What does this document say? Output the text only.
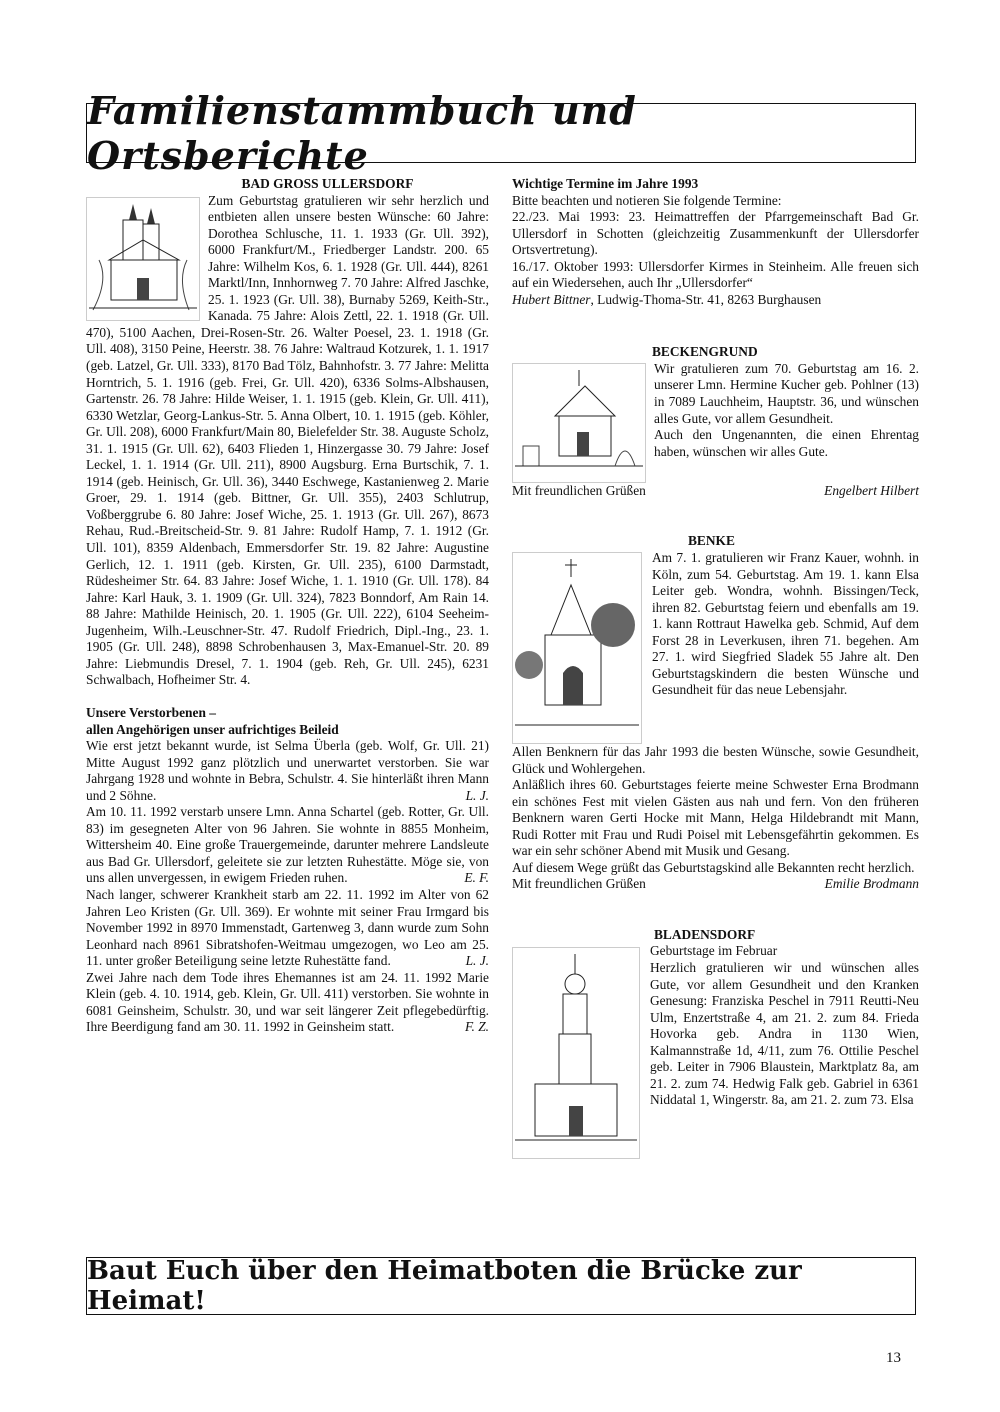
Familienstammbuch und Ortsberichte

BAD GROSS ULLERSDORF

Zum Geburtstag gratulieren wir sehr herzlich und entbieten allen unsere besten Wünsche: 60 Jahre: Dorothea Schlusche, 11. 1. 1933 (Gr. Ull. 392), 6000 Frankfurt/M., Friedberger Landstr. 200. 65 Jahre: Wilhelm Kos, 6. 1. 1928 (Gr. Ull. 444), 8261 Marktl/Inn, Innhornweg 7. 70 Jahre: Alfred Jaschke, 25. 1. 1923 (Gr. Ull. 38), Burnaby 5269, Keith-Str., Kanada. 75 Jahre: Alois Zettl, 22. 1. 1918 (Gr. Ull. 470), 5100 Aachen, Drei-Rosen-Str. 26. Walter Poesel, 23. 1. 1918 (Gr. Ull. 408), 3150 Peine, Heerstr. 38. 76 Jahre: Waltraud Kotzurek, 1. 1. 1917 (geb. Latzel, Gr. Ull. 333), 8170 Bad Tölz, Bahnhofstr. 3. 77 Jahre: Melitta Horntrich, 5. 1. 1916 (geb. Frei, Gr. Ull. 420), 6336 Solms-Albshausen, Gartenstr. 26. 78 Jahre: Hilde Weiser, 1. 1. 1915 (geb. Klein, Gr. Ull. 411), 6330 Wetzlar, Georg-Lankus-Str. 5. Anna Olbert, 10. 1. 1915 (geb. Köhler, Gr. Ull. 208), 6000 Frankfurt/Main 80, Bielefelder Str. 38. Auguste Scholz, 31. 1. 1915 (Gr. Ull. 62), 6403 Flieden 1, Hinzergasse 30. 79 Jahre: Josef Leckel, 1. 1. 1914 (Gr. Ull. 211), 8900 Augsburg. Erna Burtschik, 7. 1. 1914 (geb. Heinisch, Gr. Ull. 36), 3440 Eschwege, Kastanienweg 2. Marie Groer, 29. 1. 1914 (geb. Bittner, Gr. Ull. 355), 2403 Schlutrup, Voßberggrube 6. 80 Jahre: Josef Wiche, 25. 1. 1913 (Gr. Ull. 267), 8673 Rehau, Rud.-Breitscheid-Str. 9. 81 Jahre: Rudolf Hamp, 7. 1. 1912 (Gr. Ull. 101), 8359 Aldenbach, Emmersdorfer Str. 19. 82 Jahre: Augustine Gerlich, 12. 1. 1911 (geb. Kirsten, Gr. Ull. 235), 6100 Darmstadt, Rüdesheimer Str. 64. 83 Jahre: Josef Wiche, 1. 1. 1910 (Gr. Ull. 178). 84 Jahre: Karl Hauk, 3. 1. 1909 (Gr. Ull. 324), 7823 Bonndorf, Am Rain 14. 88 Jahre: Mathilde Heinisch, 20. 1. 1905 (Gr. Ull. 222), 6104 Seeheim-Jugenheim, Wilh.-Leuschner-Str. 47. Rudolf Friedrich, Dipl.-Ing., 23. 1. 1905 (Gr. Ull. 248), 8898 Schrobenhausen 3, Max-Emanuel-Str. 20. 89 Jahre: Liebmundis Dresel, 7. 1. 1904 (geb. Reh, Gr. Ull. 245), 6231 Schwalbach, Hofheimer Str. 4.

Unsere Verstorbenen –

allen Angehörigen unser aufrichtiges Beileid

Wie erst jetzt bekannt wurde, ist Selma Überla (geb. Wolf, Gr. Ull. 21) Mitte August 1992 ganz plötzlich und unerwartet verstorben. Sie war Jahrgang 1928 und wohnte in Bebra, Schulstr. 4. Sie hinterläßt ihren Mann und 2 Söhne.	L. J.

Am 10. 11. 1992 verstarb unsere Lmn. Anna Schartel (geb. Rotter, Gr. Ull. 83) im gesegneten Alter von 96 Jahren. Sie wohnte in 8855 Monheim, Wittersheim 40. Eine große Trauergemeinde, darunter mehrere Landsleute aus Bad Gr. Ullersdorf, geleitete sie zur letzten Ruhestätte. Möge sie, von uns allen unvergessen, in ewigem Frieden ruhen.	E. F.

Nach langer, schwerer Krankheit starb am 22. 11. 1992 im Alter von 62 Jahren Leo Kristen (Gr. Ull. 369). Er wohnte mit seiner Frau Irmgard bis November 1992 in 8970 Immenstadt, Gartenweg 3, dann wurde zum Sohn Leonhard nach 8961 Sibratshofen-Weitmau umgezogen, wo Leo am 25. 11. unter großer Beteiligung seine letzte Ruhestätte fand.	L. J.

Zwei Jahre nach dem Tode ihres Ehemannes ist am 24. 11. 1992 Marie Klein (geb. 4. 10. 1914, geb. Klein, Gr. Ull. 411) verstorben. Sie wohnte in 6081 Geinsheim, Schulstr. 30, und war seit längerer Zeit pflegebedürftig. Ihre Beerdigung fand am 30. 11. 1992 in Geinsheim statt.	F. Z.

Wichtige Termine im Jahre 1993

Bitte beachten und notieren Sie folgende Termine:

22./23. Mai 1993: 23. Heimattreffen der Pfarrgemeinschaft Bad Gr. Ullersdorf in Schotten (gleichzeitig Zusammenkunft der Ullersdorfer Ortsvertretung).

16./17. Oktober 1993: Ullersdorfer Kirmes in Steinheim. Alle freuen sich auf ein Wiedersehen, auch Ihr „Ullersdorfer“

Hubert Bittner, Ludwig-Thoma-Str. 41, 8263 Burghausen

BECKENGRUND

Wir gratulieren zum 70. Geburtstag am 16. 2. unserer Lmn. Hermine Kucher geb. Pohlner (13) in 7089 Lauchheim, Hauptstr. 36, und wünschen alles Gute, vor allem Gesundheit.

Auch den Ungenannten, die einen Ehrentag haben, wünschen wir alles Gute.

Mit freundlichen Grüßen	Engelbert Hilbert

BENKE

Am 7. 1. gratulieren wir Franz Kauer, wohnh. in Köln, zum 54. Geburtstag. Am 19. 1. kann Elsa Leiter geb. Wondra, wohnh. Bissingen/Teck, ihren 82. Geburtstag feiern und ebenfalls am 19. 1. kann Rottraut Hawelka geb. Schmid, Auf dem Forst 28 in Leverkusen, ihren 71. begehen. Am 27. 1. wird Siegfried Sladek 55 Jahre alt. Den Geburtstagskindern die besten Wünsche und Gesundheit für das neue Lebensjahr.

Allen Benknern für das Jahr 1993 die besten Wünsche, sowie Gesundheit, Glück und Wohlergehen.

Anläßlich ihres 60. Geburtstages feierte meine Schwester Erna Brodmann ein schönes Fest mit vielen Gästen aus nah und fern. Von den früheren Benknern waren Gerti Hocke mit Mann, Helga Hildebrandt mit Mann, Rudi Rotter mit Frau und Rudi Poisel mit Lebensgefährtin gekommen. Es war ein sehr schöner Abend mit Musik und Gesang.

Auf diesem Wege grüßt das Geburtstagskind alle Bekannten recht herzlich.

Mit freundlichen Grüßen	Emilie Brodmann

BLADENSDORF

Geburtstage im Februar

Herzlich gratulieren wir und wünschen alles Gute, vor allem Gesundheit und den Kranken Genesung: Franziska Peschel in 7911 Reutti-Neu Ulm, Enzertstraße 4, am 21. 2. zum 84. Frieda Hovorka geb. Andra in 1130 Wien, Kalmannstraße 1d, 4/11, zum 76. Ottilie Peschel geb. Leiter in 7906 Blaustein, Marktplatz 8a, am 21. 2. zum 74. Hedwig Falk geb. Gabriel in 6361 Niddatal 1, Wingerstr. 8a, am 21. 2. zum 73. Elsa

Baut Euch über den Heimatboten die Brücke zur Heimat!
13
